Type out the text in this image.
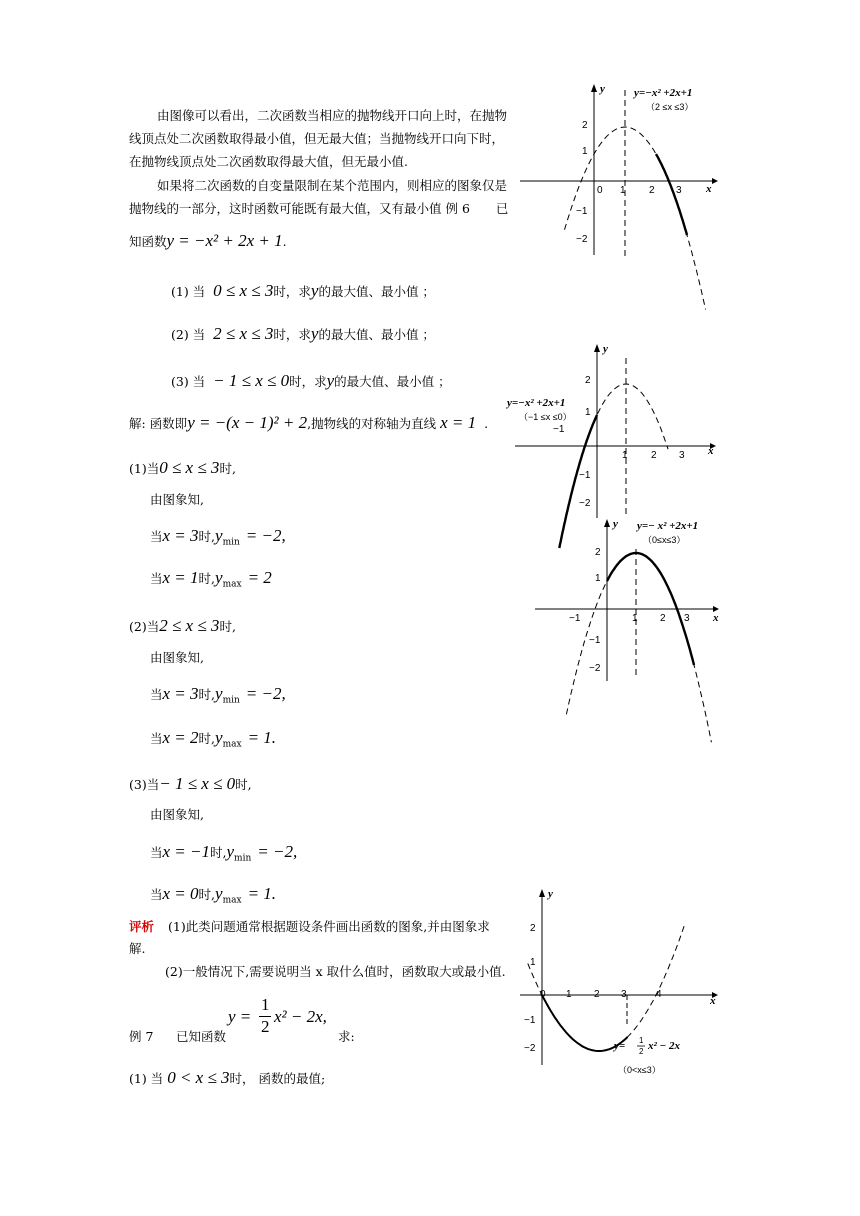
由图像可以看出，二次函数当相应的抛物线开口向上时，在抛物
线顶点处二次函数取得最小值，但无最大值；当抛物线开口向下时，
在抛物线顶点处二次函数取得最大值，但无最小值.
如果将二次函数的自变量限制在某个范围内，则相应的图象仅是
抛物线的一部分，这时函数可能既有最大值，又有最小值 例 6 已
知函数y = −x² + 2x + 1.
(1) 当 0 ≤ x ≤ 3时，求y的最大值、最小值 ；
(2) 当 2 ≤ x ≤ 3时，求y的最大值、最小值 ；
(3) 当 − 1 ≤ x ≤ 0时，求y的最大值、最小值 ；
解: 函数即y = −(x − 1)² + 2,抛物线的对称轴为直线 x = 1 .
(1)当0 ≤ x ≤ 3时,
由图象知,
当x = 3时$,y_{min} = -2$,
当x = 1时$,y_{max} = 2$
(2)当2 ≤ x ≤ 3时,
由图象知,
当x = 3时$,y_{min} = -2$,
当x = 2时$,y_{max} = 1$.
(3)当− 1 ≤ x ≤ 0时,
由图象知,
当x = −1时$,y_{min} = -2$,
当x = 0时$,y_{max} = 1$.
评析 (1)此类问题通常根据题设条件画出函数的图象,并由图象求
解.
(2)一般情况下,需要说明当 x 取什么值时，函数取大或最小值.
例 7 已知函数
y =
1
2
x² − 2x,
求:
(1) 当 0 < x ≤ 3时， 函数的最值;
x
y
0 1 2 3
2
1
−1
−2
y=−x² +2x+1
（2 ≤x ≤3）
x
y
−1
1 2 3
2
1
−1
−2
y=−x² +2x+1
（−1 ≤x ≤0）
x
y
−1	1 2 3
2
1
−1
−2
y=− x² +2x+1
（0≤x≤3）
x
y
0 1 2 3	4
2
1
−1
−2	y= 1
2 x² − 2x
（0<x≤3）
